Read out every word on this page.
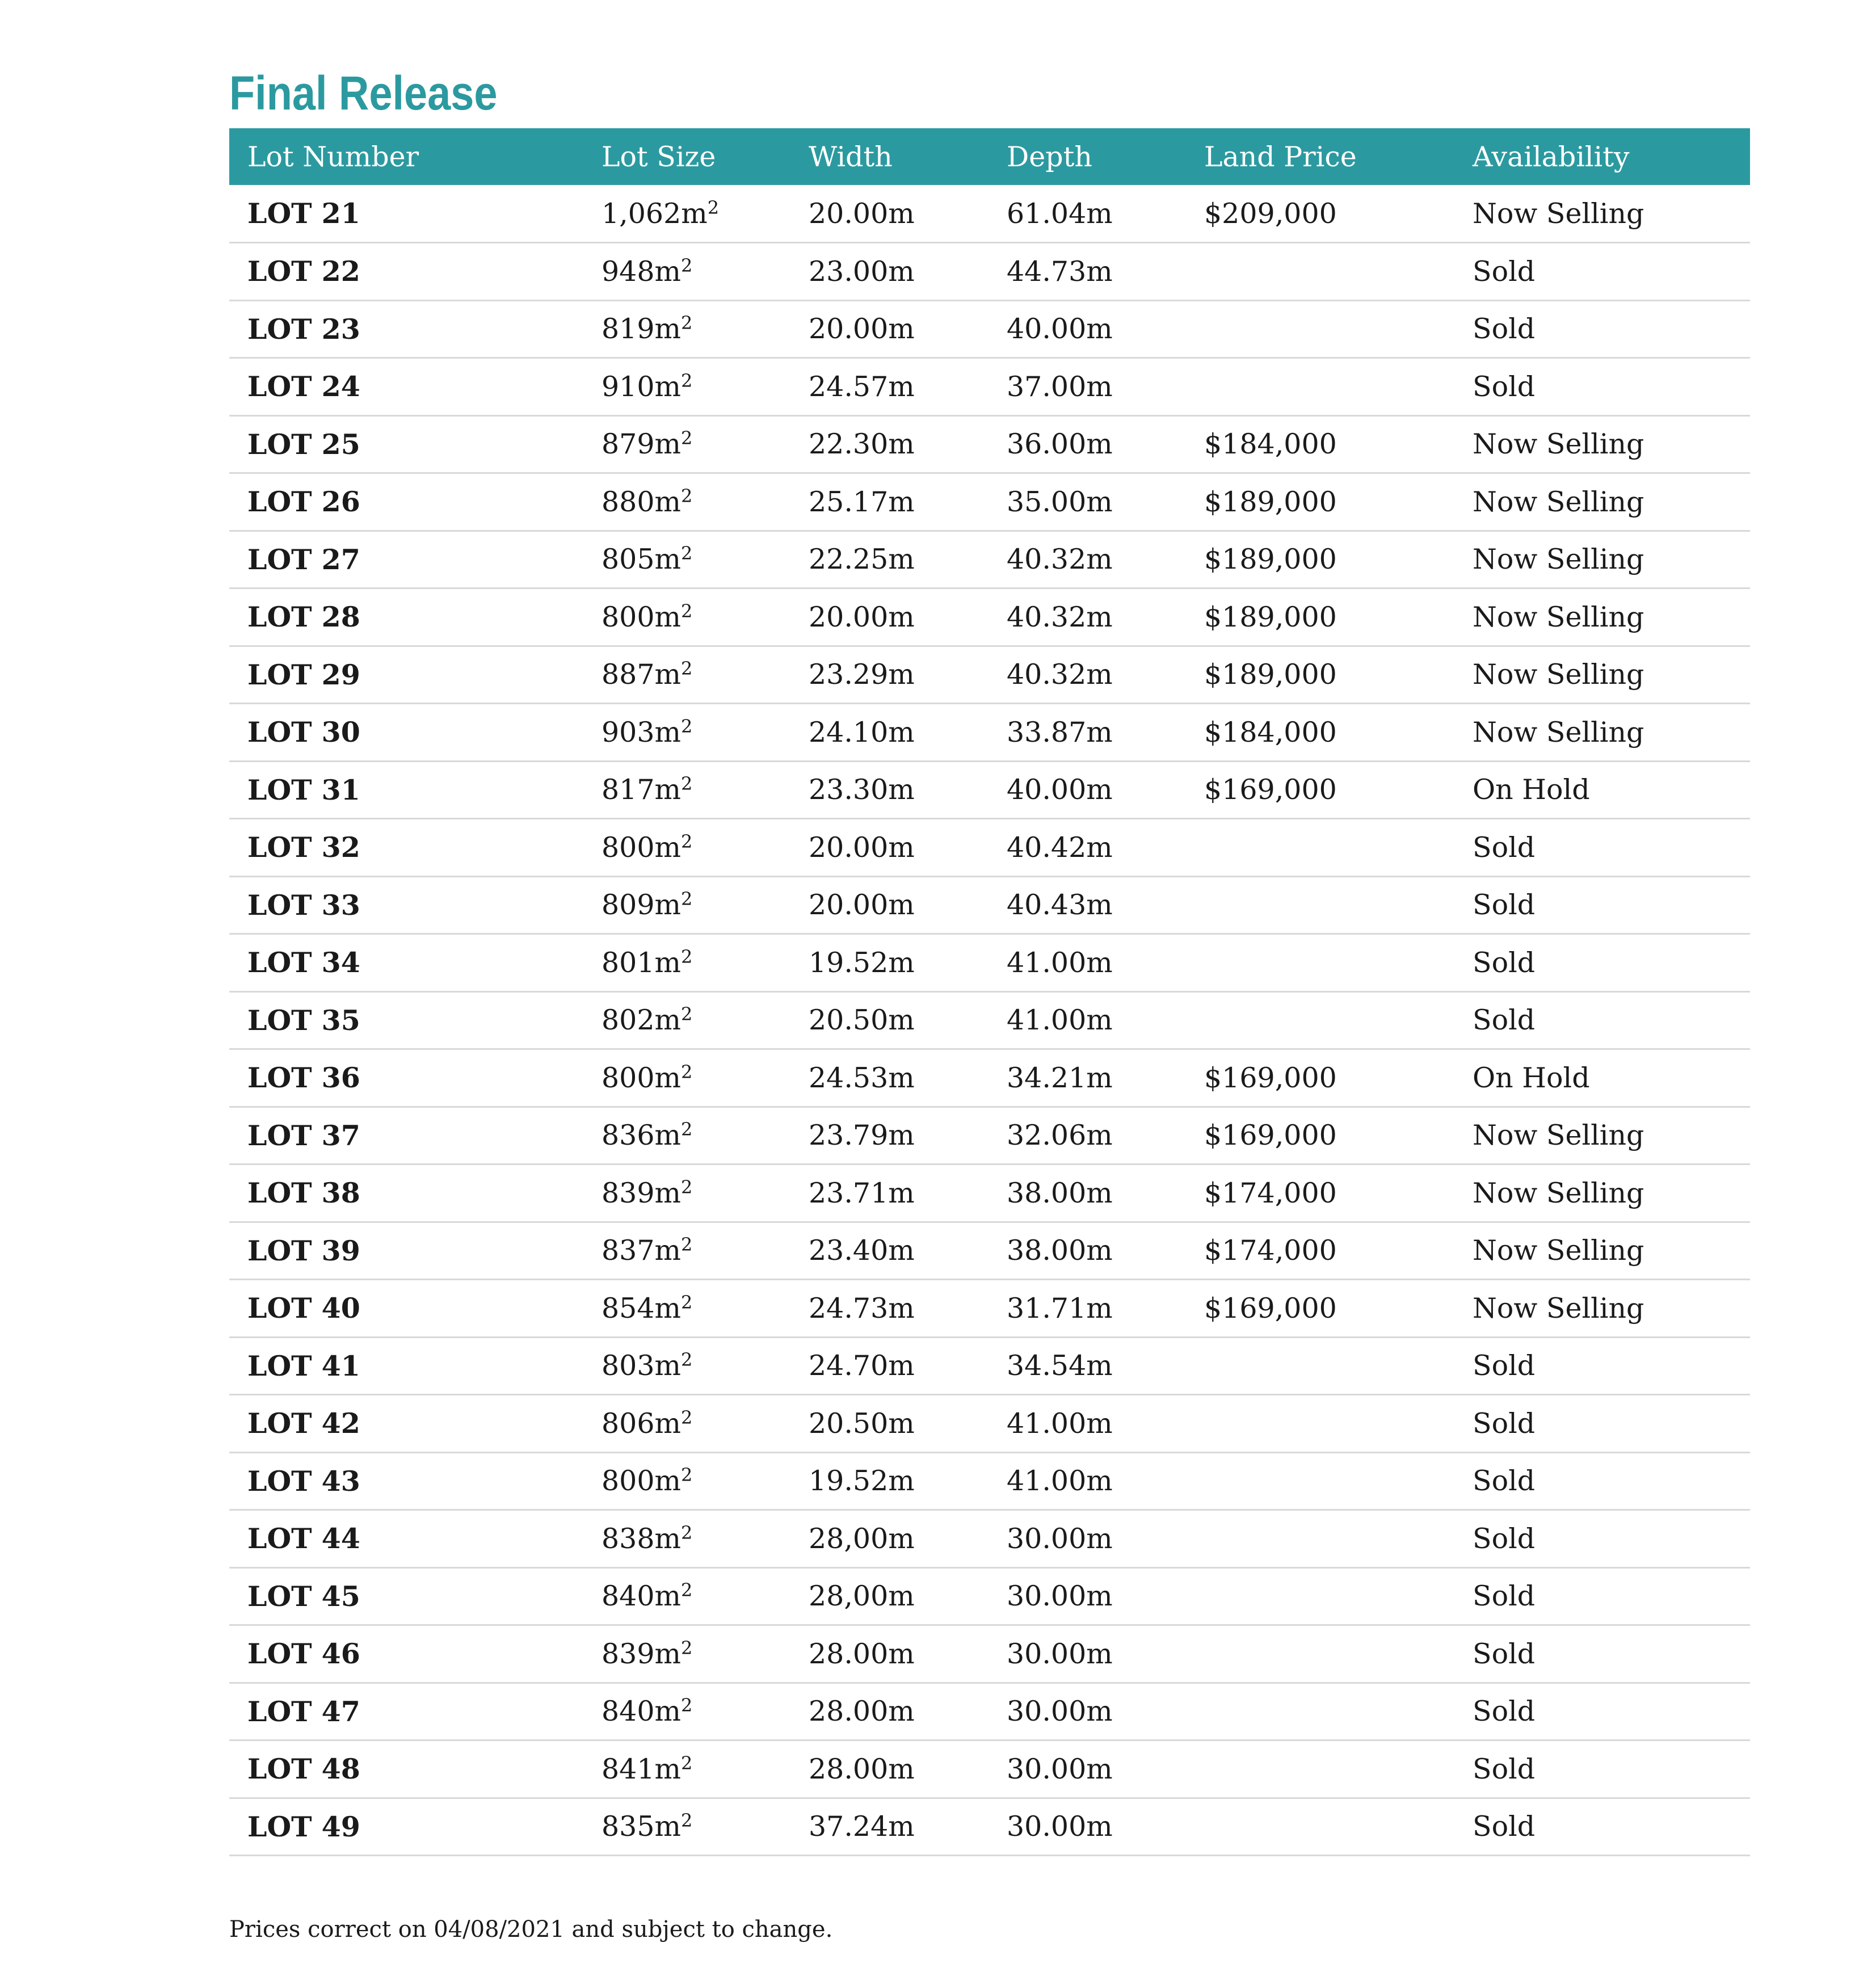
Final Release
Lot Number	Lot Size	Width	Depth	Land Price	Availability
LOT 21	$1,062m^2$	20.00m	61.04m	$209,000	Now Selling
LOT 22	$948m^2$	23.00m	44.73m		Sold
LOT 23	$819m^2$	20.00m	40.00m		Sold
LOT 24	$910m^2$	24.57m	37.00m		Sold
LOT 25	$879m^2$	22.30m	36.00m	$184,000	Now Selling
LOT 26	$880m^2$	25.17m	35.00m	$189,000	Now Selling
LOT 27	$805m^2$	22.25m	40.32m	$189,000	Now Selling
LOT 28	$800m^2$	20.00m	40.32m	$189,000	Now Selling
LOT 29	$887m^2$	23.29m	40.32m	$189,000	Now Selling
LOT 30	$903m^2$	24.10m	33.87m	$184,000	Now Selling
LOT 31	$817m^2$	23.30m	40.00m	$169,000	On Hold
LOT 32	$800m^2$	20.00m	40.42m		Sold
LOT 33	$809m^2$	20.00m	40.43m		Sold
LOT 34	$801m^2$	19.52m	41.00m		Sold
LOT 35	$802m^2$	20.50m	41.00m		Sold
LOT 36	$800m^2$	24.53m	34.21m	$169,000	On Hold
LOT 37	$836m^2$	23.79m	32.06m	$169,000	Now Selling
LOT 38	$839m^2$	23.71m	38.00m	$174,000	Now Selling
LOT 39	$837m^2$	23.40m	38.00m	$174,000	Now Selling
LOT 40	$854m^2$	24.73m	31.71m	$169,000	Now Selling
LOT 41	$803m^2$	24.70m	34.54m		Sold
LOT 42	$806m^2$	20.50m	41.00m		Sold
LOT 43	$800m^2$	19.52m	41.00m		Sold
LOT 44	$838m^2$	28,00m	30.00m		Sold
LOT 45	$840m^2$	28,00m	30.00m		Sold
LOT 46	$839m^2$	28.00m	30.00m		Sold
LOT 47	$840m^2$	28.00m	30.00m		Sold
LOT 48	$841m^2$	28.00m	30.00m		Sold
LOT 49	$835m^2$	37.24m	30.00m		Sold

Prices correct on 04/08/2021 and subject to change.
